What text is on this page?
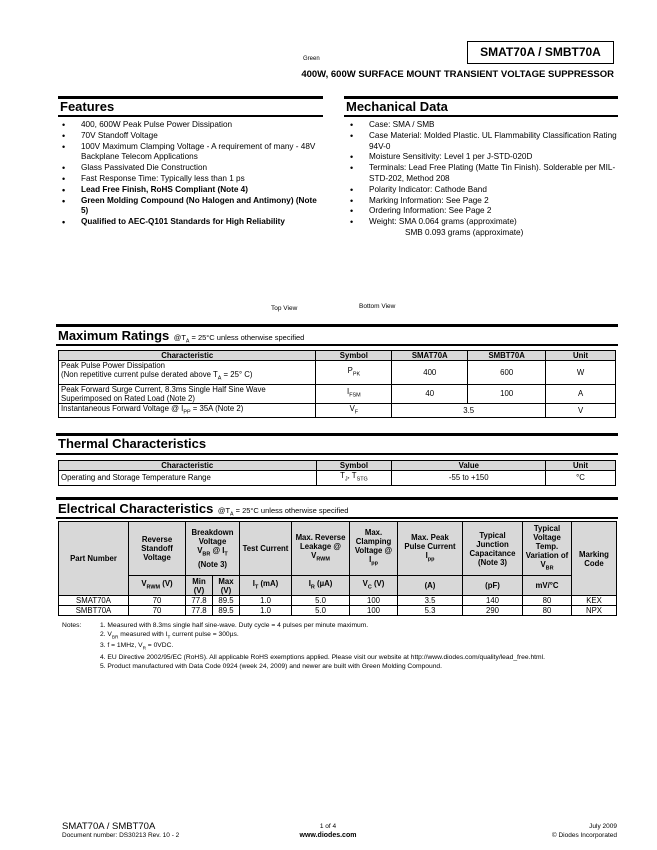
Green	SMAT70A / SMBT70A
400W, 600W SURFACE MOUNT TRANSIENT VOLTAGE SUPPRESSOR
Features
• 400, 600W Peak Pulse Power Dissipation
• 70V Standoff Voltage
• 100V Maximum Clamping Voltage - A requirement of many - 48V Backplane Telecom Applications
• Glass Passivated Die Construction
• Fast Response Time: Typically less than 1 ps
• Lead Free Finish, RoHS Compliant (Note 4)
• Green Molding Compound (No Halogen and Antimony) (Note 5)
• Qualified to AEC-Q101 Standards for High Reliability
Mechanical Data
• Case: SMA / SMB
• Case Material: Molded Plastic. UL Flammability Classification Rating 94V-0
• Moisture Sensitivity: Level 1 per J-STD-020D
• Terminals: Lead Free Plating (Matte Tin Finish). Solderable per MIL-STD-202, Method 208
• Polarity Indicator: Cathode Band
• Marking Information: See Page 2
• Ordering Information: See Page 2
• Weight: SMA 0.064 grams (approximate)
SMB 0.093 grams (approximate)
Top View	Bottom View
Maximum Ratings $@T_A = 25^\circ C$ unless otherwise specified
Characteristic	Symbol	SMAT70A	SMBT70A	Unit
Peak Pulse Power Dissipation
(Non repetitive current pulse derated above $T_A = 25^\circ$ C)	$P_{PK}$	400	600	W
Peak Forward Surge Current, 8.3ms Single Half Sine Wave
Superimposed on Rated Load (Note 2)	$I_{FSM}$	40	100	A
Instantaneous Forward Voltage @ $I_{PP} = 35A$ (Note 2)	$V_F$	3.5		V
Thermal Characteristics
Characteristic	Symbol	Value	Unit
Operating and Storage Temperature Range	$T_J$, $T_{STG}$	-55 to +150	°C
Electrical Characteristics $@T_A = 25^\circ C$ unless otherwise specified
Part Number	Reverse Standoff Voltage	Breakdown Voltage
$V_{BR}$ @ $I_T$
(Note 3)		Test Current	Max. Reverse Leakage @ $V_{RWM}$	Max. Clamping Voltage @ $I_{pp}$	Max. Peak Pulse Current $I_{pp}$	Typical Junction Capacitance (Note 3)	Typical Voltage Temp. Variation of $V_{BR}$	Marking Code
	$V_{RWM}$ (V)	Min (V)	Max (V)	$I_T$ (mA)	$I_R$ (µA)	$V_C$ (V)	(A)	(pF)	mV/°C	
SMAT70A	70	77.8	89.5	1.0	5.0	100	3.5	140	80	KEX
SMBT70A	70	77.8	89.5	1.0	5.0	100	5.3	290	80	NPX
Notes:	1. Measured with 8.3ms single half sine-wave. Duty cycle = 4 pulses per minute maximum.
2. $V_{BR}$ measured with $I_T$ current pulse = 300µs.
3. f = 1MHz, $V_R = 0VDC$.
4. EU Directive 2002/95/EC (RoHS). All applicable RoHS exemptions applied. Please visit our website at http://www.diodes.com/quality/lead_free.html.
5. Product manufactured with Data Code 0924 (week 24, 2009) and newer are built with Green Molding Compound.
SMAT70A / SMBT70A
Document number: DS30213 Rev. 10 - 2
1 of 4
www.diodes.com
July 2009
© Diodes Incorporated
